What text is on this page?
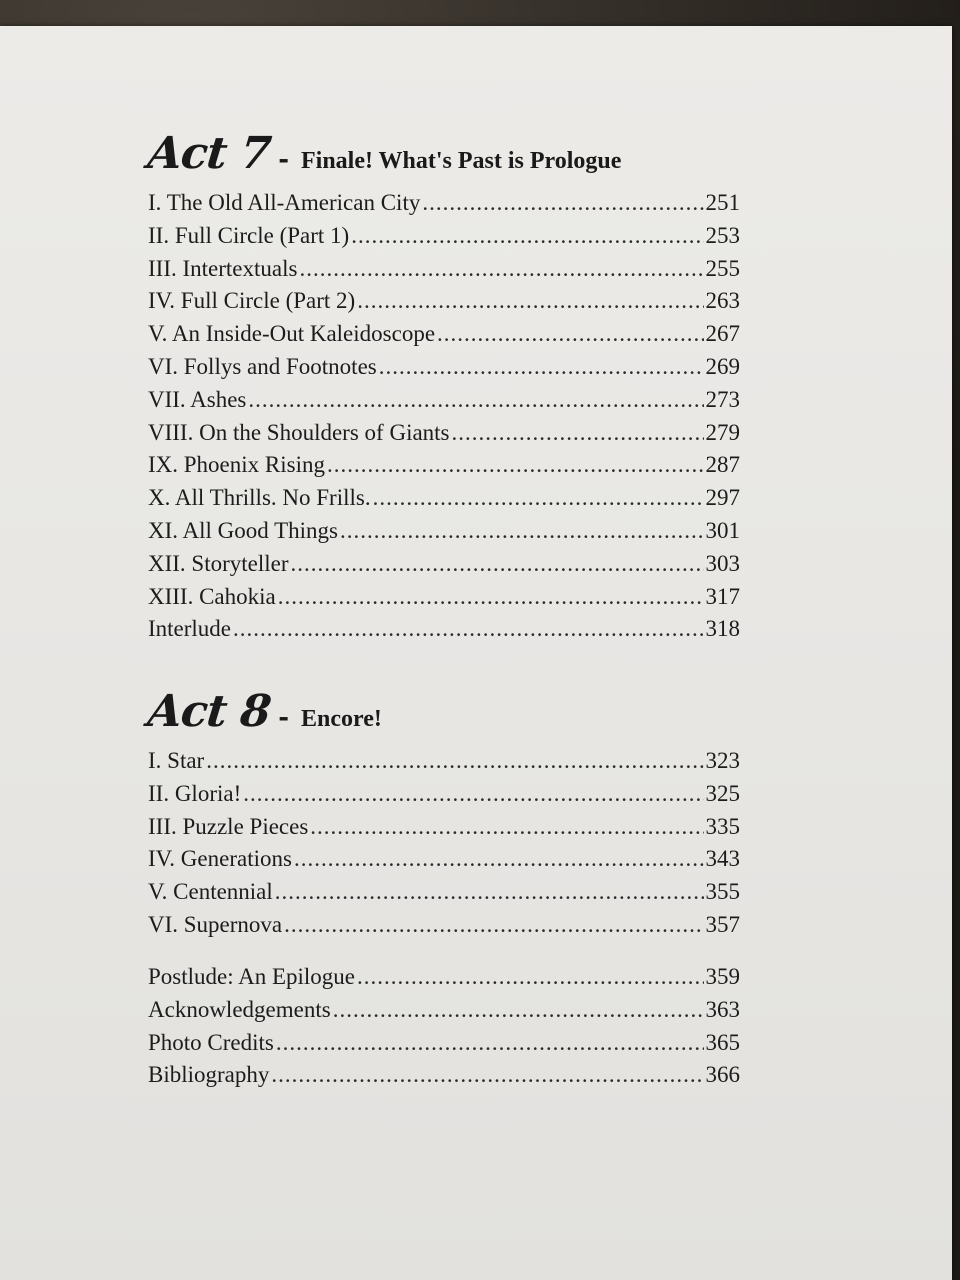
Act 7 - Finale! What's Past is Prologue
I. The Old All-American City .....	251
II. Full Circle (Part 1) .....	253
III. Intertextuals .....	255
IV. Full Circle (Part 2) .....	263
V. An Inside-Out Kaleidoscope .....	267
VI. Follys and Footnotes .....	269
VII. Ashes .....	273
VIII. On the Shoulders of Giants .....	279
IX. Phoenix Rising .....	287
X. All Thrills. No Frills. .....	297
XI. All Good Things .....	301
XII. Storyteller .....	303
XIII. Cahokia .....	317
Interlude .....	318
Act 8 - Encore!
I. Star .....	323
II. Gloria! .....	325
III. Puzzle Pieces .....	335
IV. Generations .....	343
V. Centennial .....	355
VI. Supernova .....	357
Postlude: An Epilogue .....	359
Acknowledgements .....	363
Photo Credits .....	365
Bibliography .....	366
